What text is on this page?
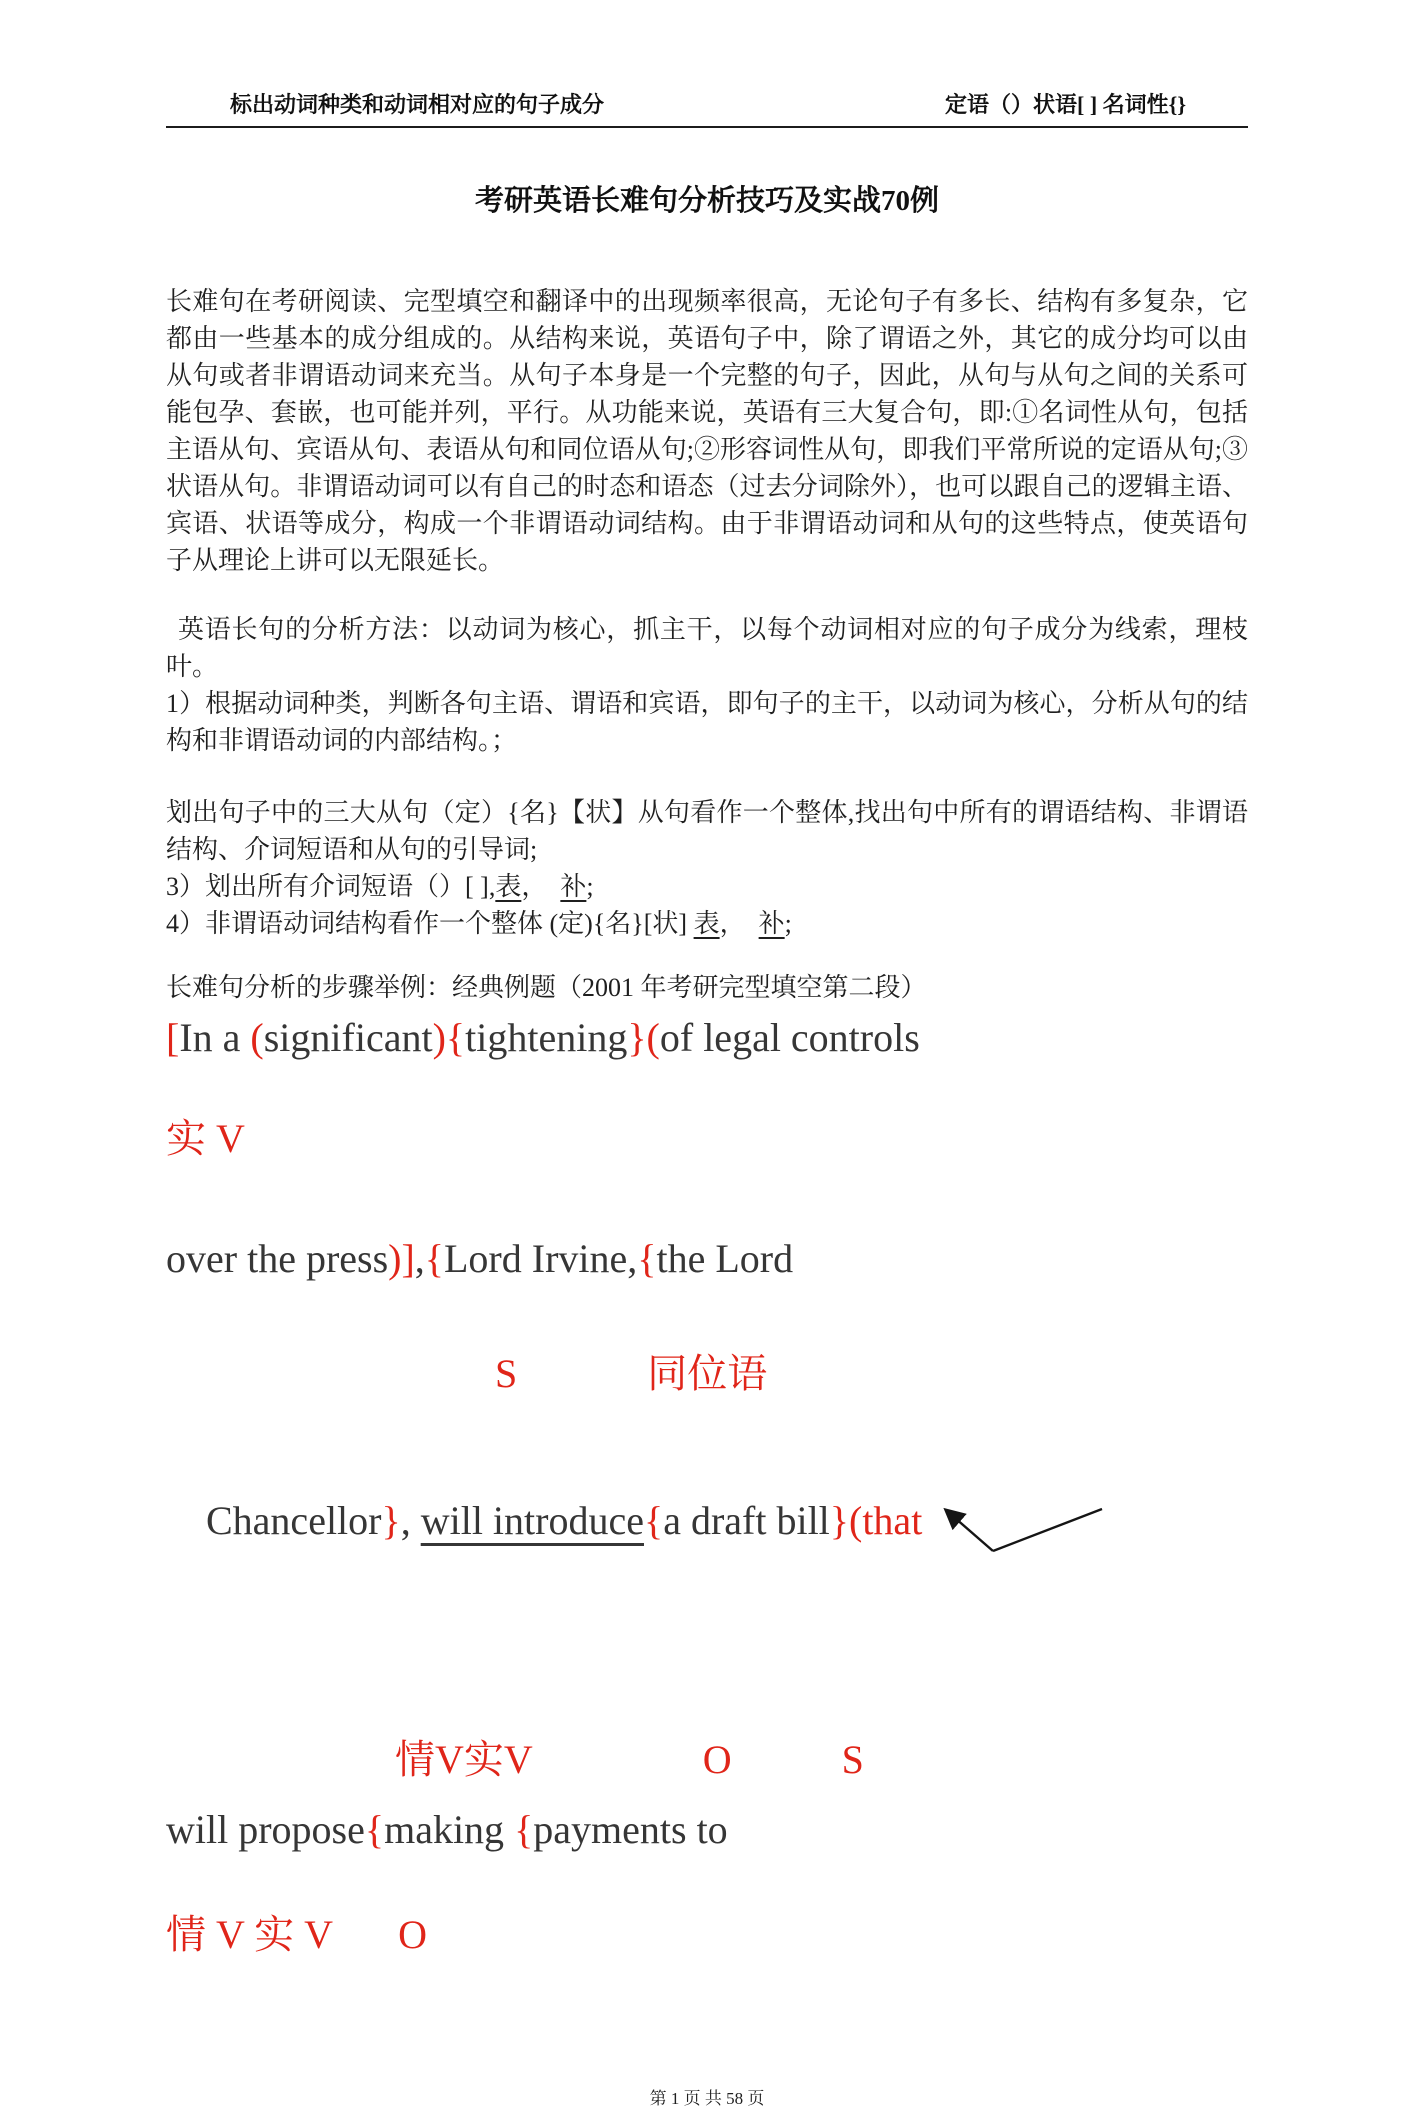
标出动词种类和动词相对应的句子成分	定语（）状语[ ] 名词性{}
考研英语长难句分析技巧及实战70例
长难句在考研阅读、完型填空和翻译中的出现频率很高，无论句子有多长、结构有多复杂，它都由一些基本的成分组成的。从结构来说，英语句子中，除了谓语之外，其它的成分均可以由从句或者非谓语动词来充当。从句子本身是一个完整的句子，因此，从句与从句之间的关系可能包孕、套嵌，也可能并列，平行。从功能来说，英语有三大复合句，即:①名词性从句，包括主语从句、宾语从句、表语从句和同位语从句;②形容词性从句，即我们平常所说的定语从句;③状语从句。非谓语动词可以有自己的时态和语态（过去分词除外），也可以跟自己的逻辑主语、宾语、状语等成分，构成一个非谓语动词结构。由于非谓语动词和从句的这些特点，使英语句子从理论上讲可以无限延长。
英语长句的分析方法：以动词为核心，抓主干，以每个动词相对应的句子成分为线索，理枝叶。
1）根据动词种类，判断各句主语、谓语和宾语，即句子的主干，以动词为核心，分析从句的结构和非谓语动词的内部结构。；
划出句子中的三大从句（定）{名}【状】从句看作一个整体,找出句中所有的谓语结构、非谓语结构、介词短语和从句的引导词;
3）划出所有介词短语（）[ ],表，　补;
4）非谓语动词结构看作一个整体 (定){名}[状] 表，　补;
长难句分析的步骤举例：经典例题（2001 年考研完型填空第二段）
[In a (significant){tightening}(of legal controls
实 V
over the press)],{Lord Irvine,{the Lord
S	同位语

Chancellor}, will introduce{a draft bill}(that

情V实V	O	S
will propose{making {payments to
情 V 实 V O
第 1 页 共 58 页
